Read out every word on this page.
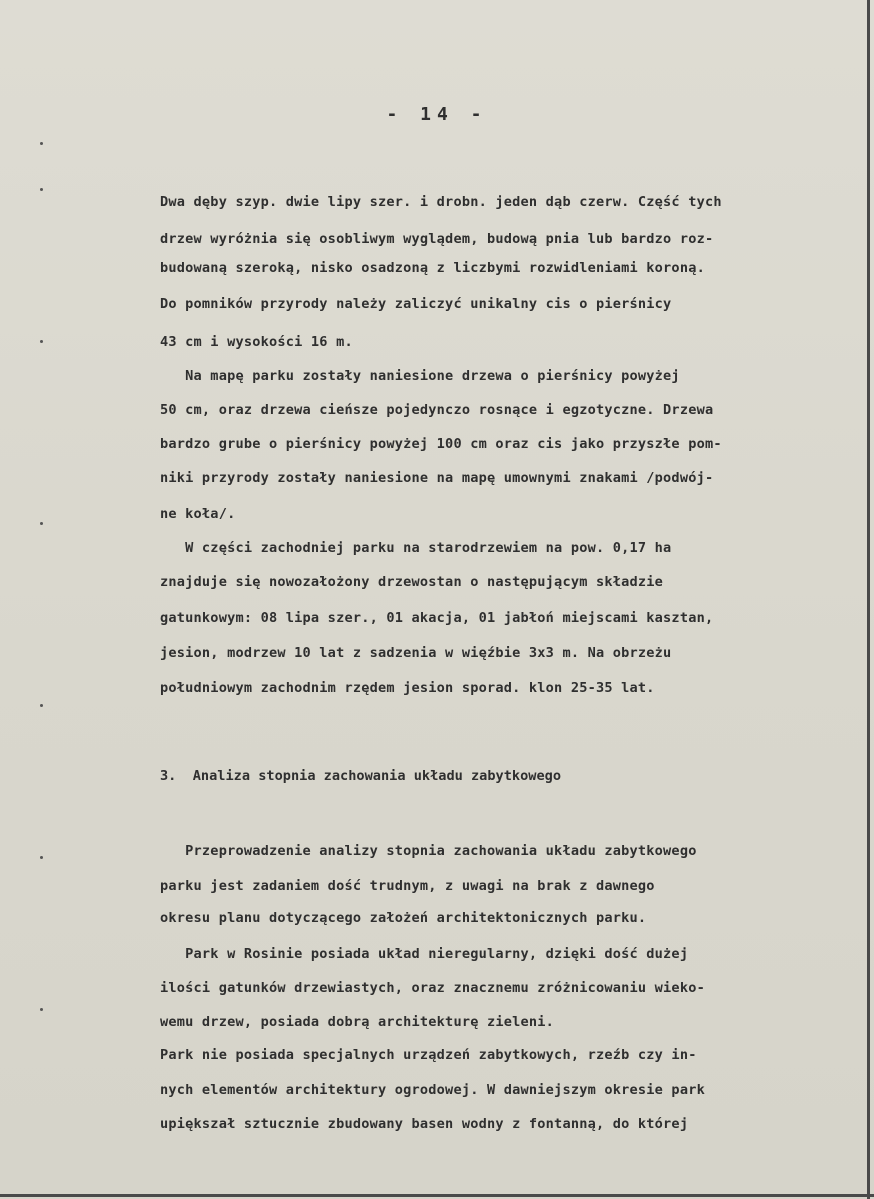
- 14 -
Dwa dęby szyp. dwie lipy szer. i drobn. jeden dąb czerw. Część tych
drzew wyróżnia się osobliwym wyglądem, budową pnia lub bardzo roz-
budowaną szeroką, nisko osadzoną z liczbymi rozwidleniami koroną.
Do pomników przyrody należy zaliczyć unikalny cis o pierśnicy
43 cm i wysokości 16 m.
Na mapę parku zostały naniesione drzewa o pierśnicy powyżej
50 cm, oraz drzewa cieńsze pojedynczo rosnące i egzotyczne. Drzewa
bardzo grube o pierśnicy powyżej 100 cm oraz cis jako przyszłe pom-
niki przyrody zostały naniesione na mapę umownymi znakami /podwój-
ne koła/.
W części zachodniej parku na starodrzewiem na pow. 0,17 ha
znajduje się nowozałożony drzewostan o następującym składzie
gatunkowym: 08 lipa szer., 01 akacja, 01 jabłoń miejscami kasztan,
jesion, modrzew 10 lat z sadzenia w więźbie 3x3 m. Na obrzeżu
południowym zachodnim rzędem jesion sporad. klon 25-35 lat.
3.  Analiza stopnia zachowania układu zabytkowego
Przeprowadzenie analizy stopnia zachowania układu zabytkowego
parku jest zadaniem dość trudnym, z uwagi na brak z dawnego
okresu planu dotyczącego założeń architektonicznych parku.
Park w Rosinie posiada układ nieregularny, dzięki dość dużej
ilości gatunków drzewiastych, oraz znacznemu zróżnicowaniu wieko-
wemu drzew, posiada dobrą architekturę zieleni.
Park nie posiada specjalnych urządzeń zabytkowych, rzeźb czy in-
nych elementów architektury ogrodowej. W dawniejszym okresie park
upiększał sztucznie zbudowany basen wodny z fontanną, do której
